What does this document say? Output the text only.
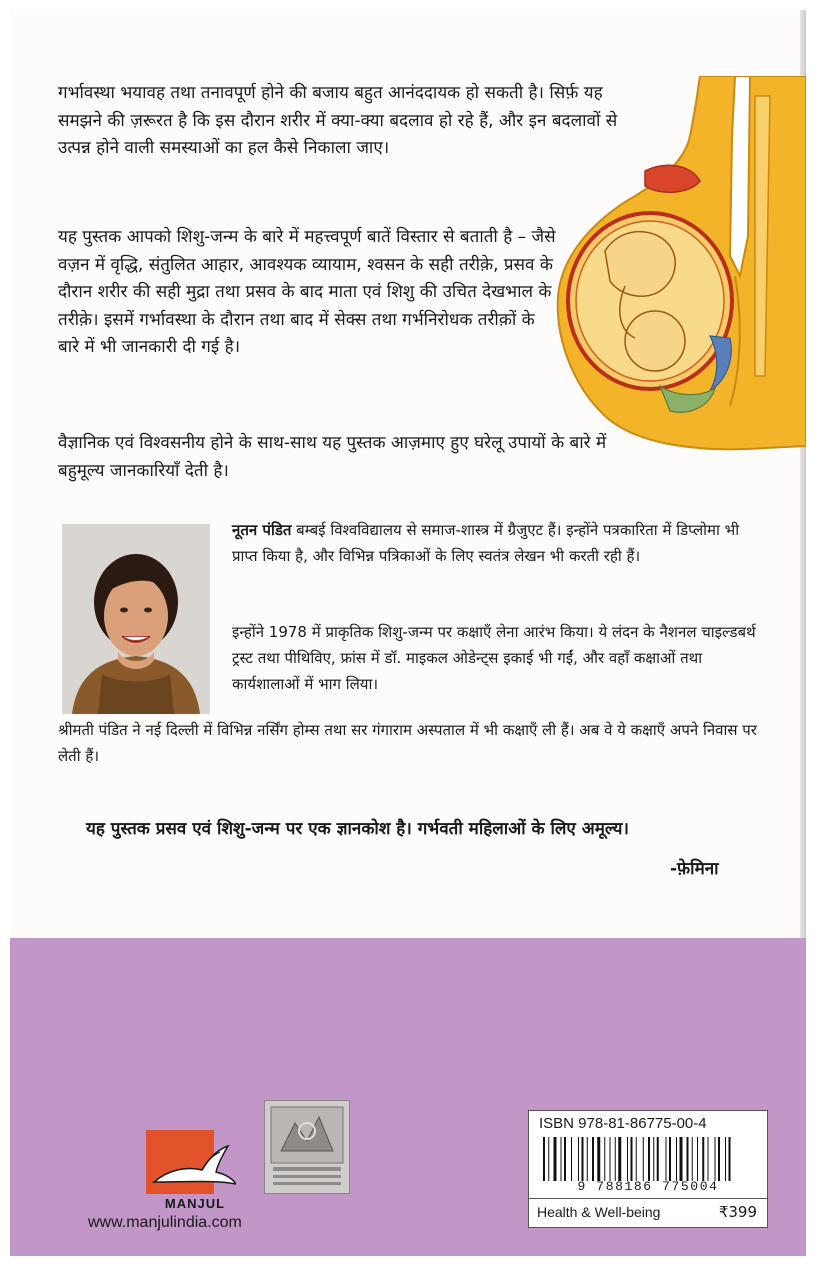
गर्भावस्था भयावह तथा तनावपूर्ण होने की बजाय बहुत आनंददायक हो सकती है। सिर्फ़ यह समझने की ज़रूरत है कि इस दौरान शरीर में क्या-क्या बदलाव हो रहे हैं, और इन बदलावों से उत्पन्न होने वाली समस्याओं का हल कैसे निकाला जाए।

यह पुस्तक आपको शिशु-जन्म के बारे में महत्त्वपूर्ण बातें विस्तार से बताती है – जैसे वज़न में वृद्धि, संतुलित आहार, आवश्यक व्यायाम, श्वसन के सही तरीक़े, प्रसव के दौरान शरीर की सही मुद्रा तथा प्रसव के बाद माता एवं शिशु की उचित देखभाल के तरीक़े। इसमें गर्भावस्था के दौरान तथा बाद में सेक्स तथा गर्भनिरोधक तरीक़ों के बारे में भी जानकारी दी गई है।

वैज्ञानिक एवं विश्वसनीय होने के साथ-साथ यह पुस्तक आज़माए हुए घरेलू उपायों के बारे में बहुमूल्य जानकारियाँ देती है।

नूतन पंडित बम्बई विश्वविद्यालय से समाज-शास्त्र में ग्रैजुएट हैं। इन्होंने पत्रकारिता में डिप्लोमा भी प्राप्त किया है, और विभिन्न पत्रिकाओं के लिए स्वतंत्र लेखन भी करती रही हैं।

इन्होंने 1978 में प्राकृतिक शिशु-जन्म पर कक्षाएँ लेना आरंभ किया। ये लंदन के नैशनल चाइल्डबर्थ ट्रस्ट तथा पीथिविए, फ्रांस में डॉ. माइकल ओडेन्ट्स इकाई भी गईं, और वहाँ कक्षाओं तथा कार्यशालाओं में भाग लिया।

श्रीमती पंडित ने नई दिल्ली में विभिन्न नर्सिंग होम्स तथा सर गंगाराम अस्पताल में भी कक्षाएँ ली हैं। अब वे ये कक्षाएँ अपने निवास पर लेती हैं।

यह पुस्तक प्रसव एवं शिशु-जन्म पर एक ज्ञानकोश है। गर्भवती महिलाओं के लिए अमूल्य।

-फ़ेमिना

MANJUL

www.manjulindia.com

ISBN 978-81-86775-00-4

9 788186 775004

Health & Well-being	₹399
